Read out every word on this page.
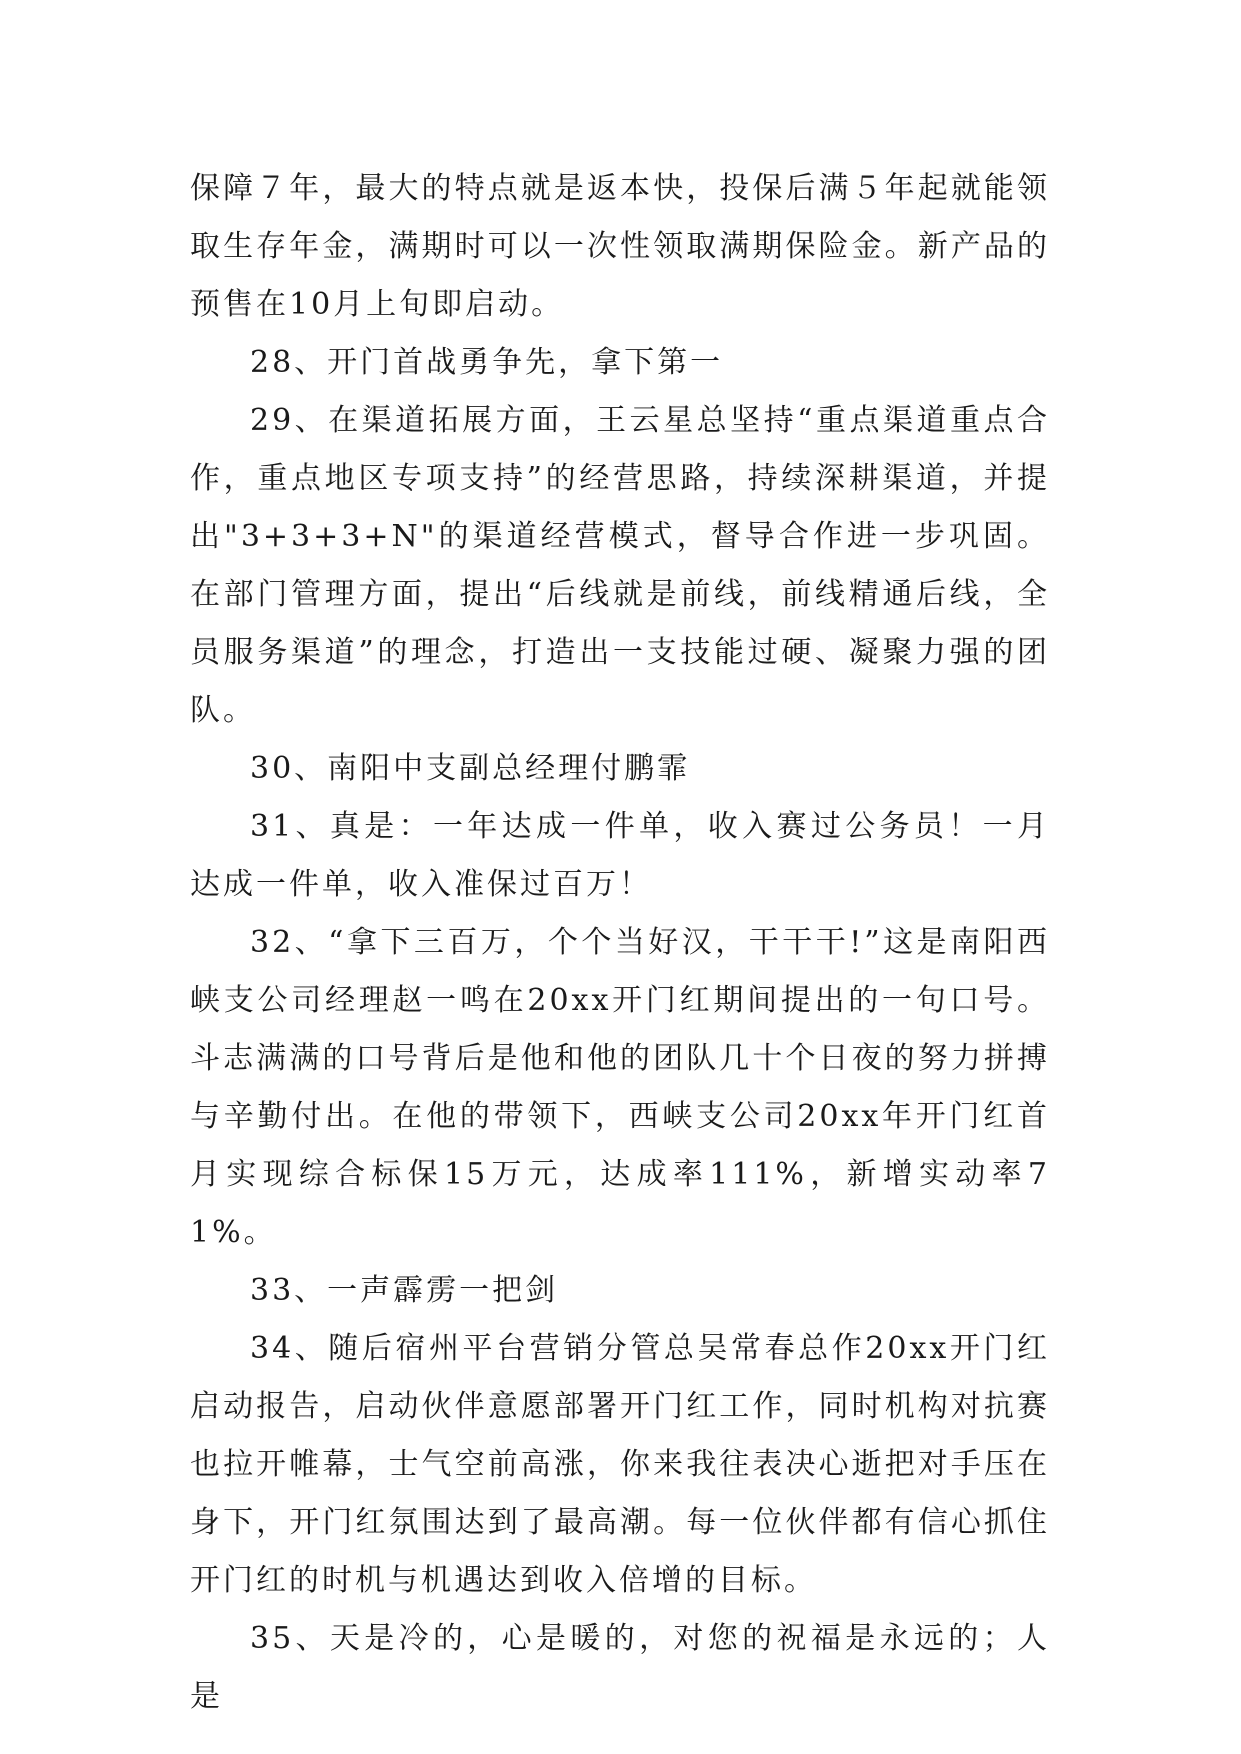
保障７年，最大的特点就是返本快，投保后满５年起就能领取生存年金，满期时可以一次性领取满期保险金。新产品的预售在10月上旬即启动。

28、开门首战勇争先，拿下第一

29、在渠道拓展方面，王云星总坚持“重点渠道重点合作，重点地区专项支持”的经营思路，持续深耕渠道，并提出"3+3+3+N"的渠道经营模式，督导合作进一步巩固。在部门管理方面，提出“后线就是前线，前线精通后线，全员服务渠道”的理念，打造出一支技能过硬、凝聚力强的团队。

30、南阳中支副总经理付鹏霏

31、真是：一年达成一件单，收入赛过公务员！一月达成一件单，收入准保过百万！

32、“拿下三百万，个个当好汉，干干干!”这是南阳西峡支公司经理赵一鸣在20xx开门红期间提出的一句口号。斗志满满的口号背后是他和他的团队几十个日夜的努力拼搏与辛勤付出。在他的带领下，西峡支公司20xx年开门红首月实现综合标保15万元，达成率111%，新增实动率71%。

33、一声霹雳一把剑

34、随后宿州平台营销分管总吴常春总作20xx开门红启动报告，启动伙伴意愿部署开门红工作，同时机构对抗赛也拉开帷幕，士气空前高涨，你来我往表决心逝把对手压在身下，开门红氛围达到了最高潮。每一位伙伴都有信心抓住开门红的时机与机遇达到收入倍增的目标。

35、天是冷的，心是暖的，对您的祝福是永远的；人是
